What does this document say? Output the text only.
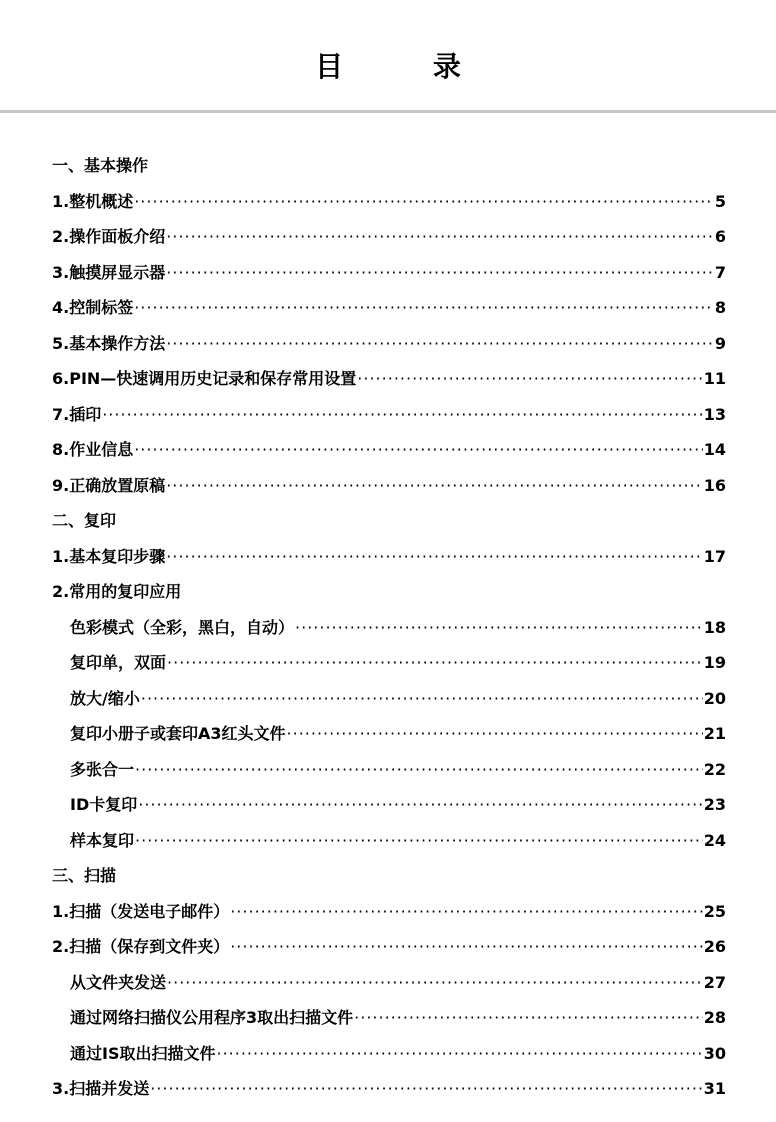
目 录
一、基本操作
1.整机概述 ·····	5
2.操作面板介绍 ·····	6
3.触摸屏显示器 ·····	7
4.控制标签 ·····	8
5.基本操作方法 ·····	9
6.PIN—快速调用历史记录和保存常用设置 ·····	11
7.插印 ·····	13
8.作业信息 ·····	14
9.正确放置原稿 ·····	16
二、复印
1.基本复印步骤 ·····	17
2.常用的复印应用
色彩模式（全彩，黑白，自动） ·····	18
复印单，双面 ·····	19
放大/缩小 ·····	20
复印小册子或套印A3红头文件 ·····	21
多张合一 ·····	22
ID卡复印 ·····	23
样本复印 ·····	24
三、扫描
1.扫描（发送电子邮件） ·····	25
2.扫描（保存到文件夹） ·····	26
从文件夹发送 ·····	27
通过网络扫描仪公用程序3取出扫描文件 ·····	28
通过IS取出扫描文件 ·····	30
3.扫描并发送 ·····	31
